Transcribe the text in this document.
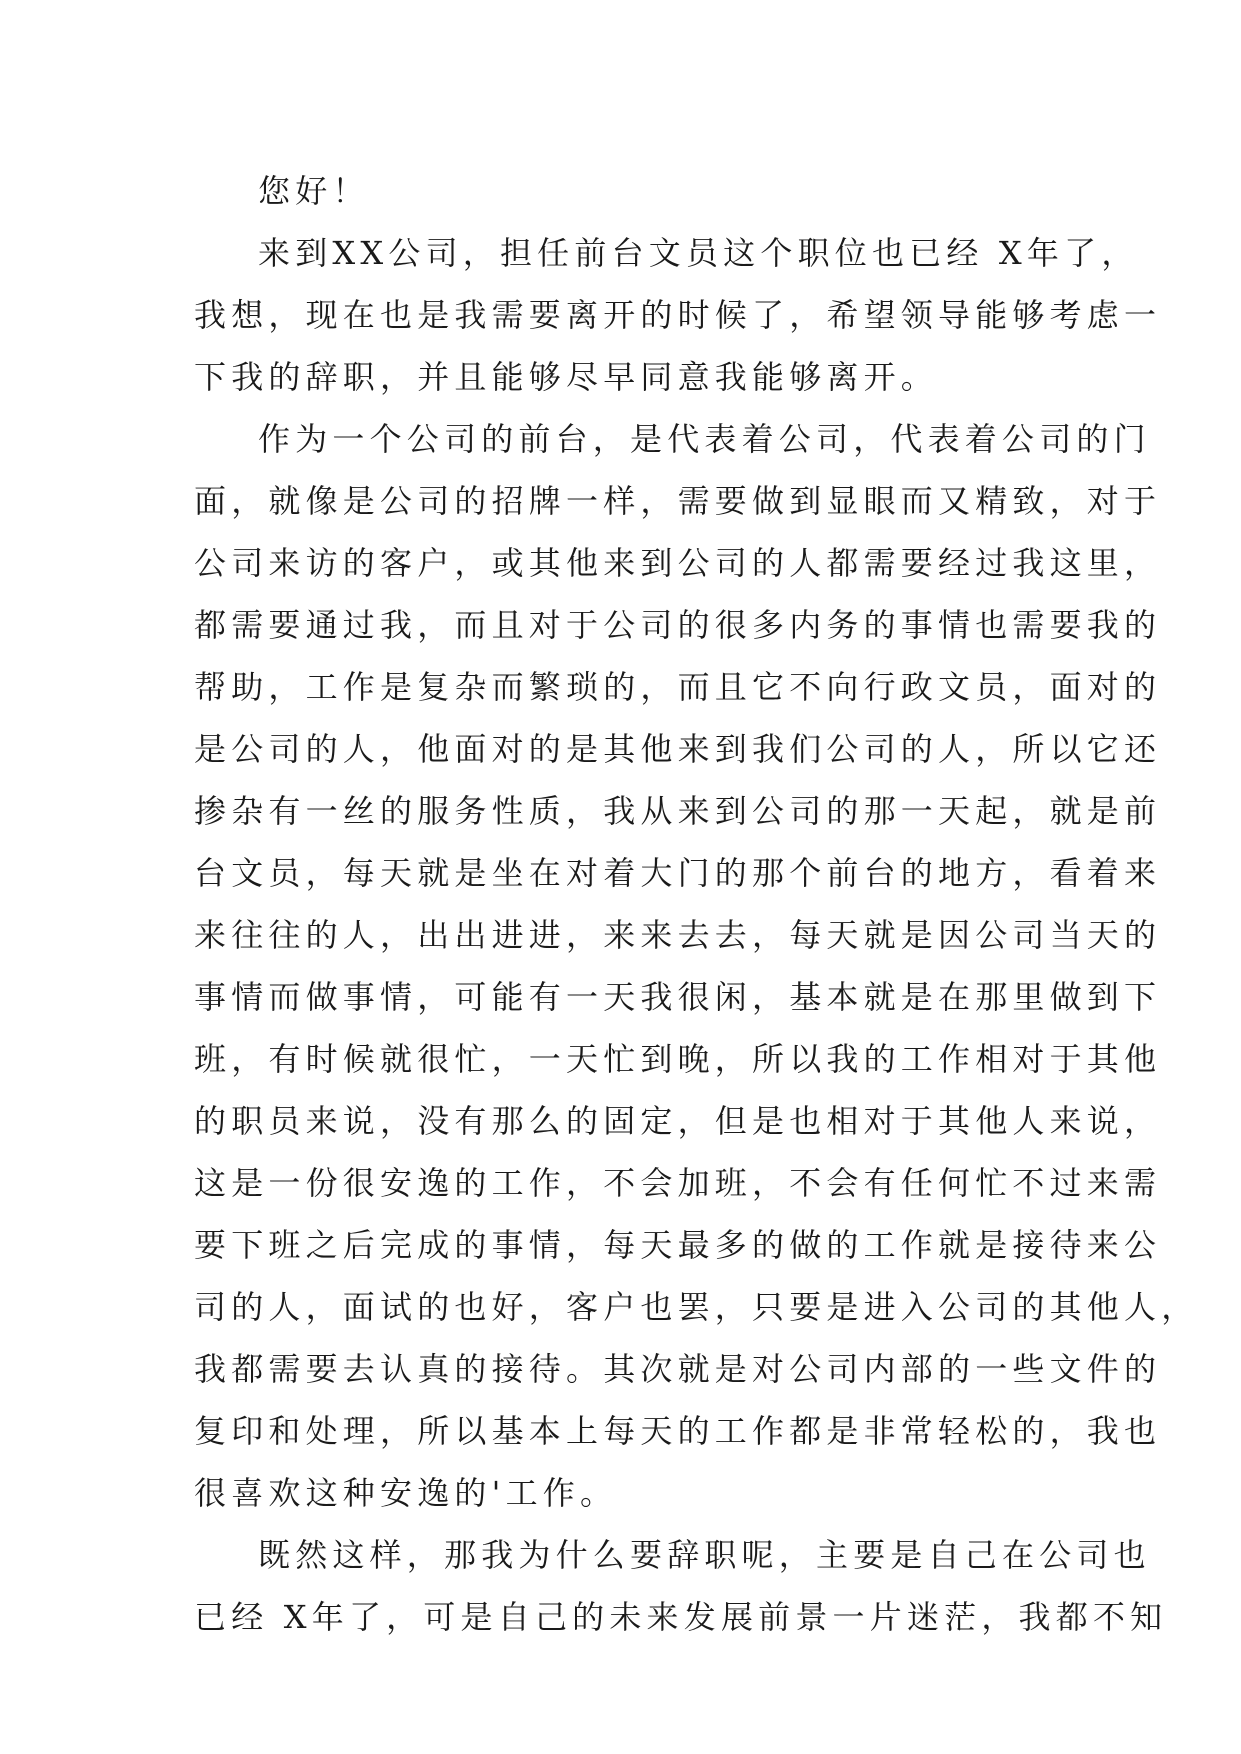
您好！
来到XX公司，担任前台文员这个职位也已经 X年了，
我想，现在也是我需要离开的时候了，希望领导能够考虑一
下我的辞职，并且能够尽早同意我能够离开。
作为一个公司的前台，是代表着公司，代表着公司的门
面，就像是公司的招牌一样，需要做到显眼而又精致，对于
公司来访的客户，或其他来到公司的人都需要经过我这里，
都需要通过我，而且对于公司的很多内务的事情也需要我的
帮助，工作是复杂而繁琐的，而且它不向行政文员，面对的
是公司的人，他面对的是其他来到我们公司的人，所以它还
掺杂有一丝的服务性质，我从来到公司的那一天起，就是前
台文员，每天就是坐在对着大门的那个前台的地方，看着来
来往往的人，出出进进，来来去去，每天就是因公司当天的
事情而做事情，可能有一天我很闲，基本就是在那里做到下
班，有时候就很忙，一天忙到晚，所以我的工作相对于其他
的职员来说，没有那么的固定，但是也相对于其他人来说，
这是一份很安逸的工作，不会加班，不会有任何忙不过来需
要下班之后完成的事情，每天最多的做的工作就是接待来公
司的人，面试的也好，客户也罢，只要是进入公司的其他人，
我都需要去认真的接待。其次就是对公司内部的一些文件的
复印和处理，所以基本上每天的工作都是非常轻松的，我也
很喜欢这种安逸的'工作。
既然这样，那我为什么要辞职呢，主要是自己在公司也
已经 X年了，可是自己的未来发展前景一片迷茫，我都不知
